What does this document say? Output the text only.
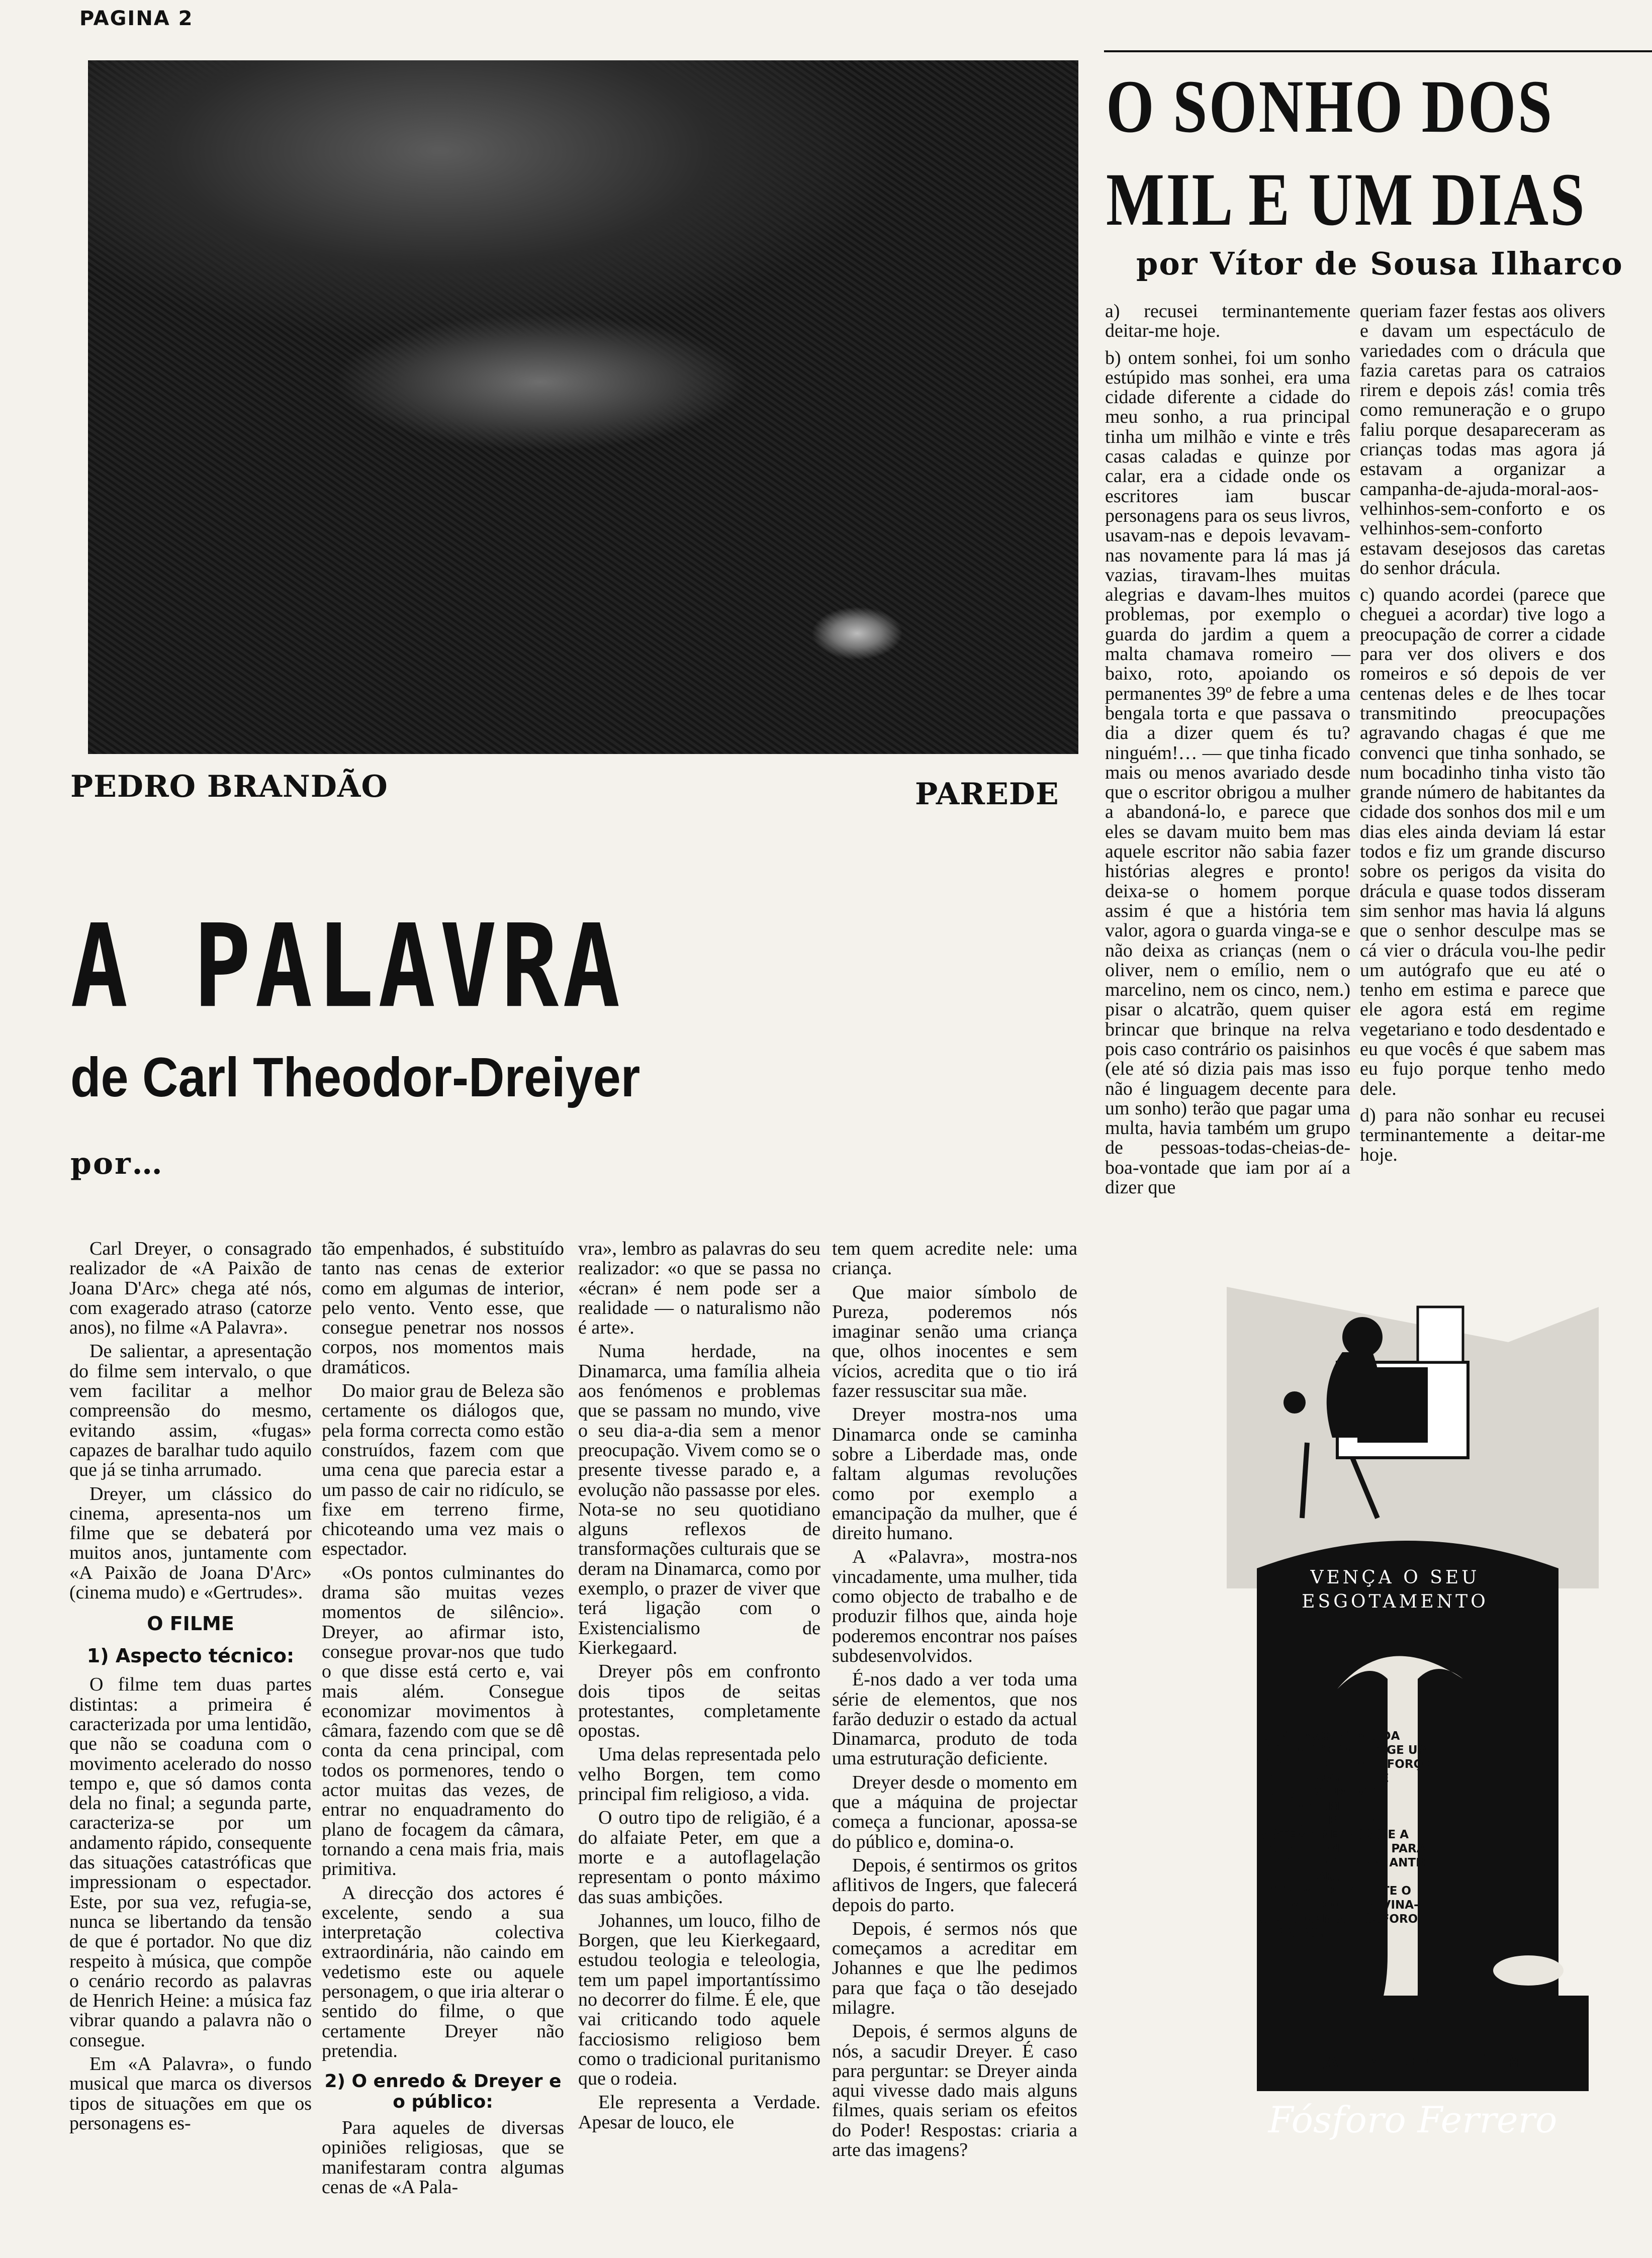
PAGINA 2
PEDRO BRANDÃO	PAREDE
A PALAVRA
de Carl Theodor-Dreiyer
por…

Carl Dreyer, o consagrado realizador de «A Paixão de Joana D'Arc» chega até nós, com exagerado atraso (catorze anos), no filme «A Palavra».

De salientar, a apresentação do filme sem intervalo, o que vem facilitar a melhor compreensão do mesmo, evitando assim, «fugas» capazes de baralhar tudo aquilo que já se tinha arrumado.

Dreyer, um clássico do cinema, apresenta-nos um filme que se debaterá por muitos anos, juntamente com «A Paixão de Joana D'Arc» (cinema mudo) e «Gertrudes».

O FILME
1) Aspecto técnico:

O filme tem duas partes distintas: a primeira é caracterizada por uma lentidão, que não se coaduna com o movimento acelerado do nosso tempo e, que só damos conta dela no final; a segunda parte, caracteriza-se por um andamento rápido, consequente das situações catastróficas que impressionam o espectador. Este, por sua vez, refugia-se, nunca se libertando da tensão de que é portador. No que diz respeito à música, que compõe o cenário recordo as palavras de Henrich Heine: a música faz vibrar quando a palavra não o consegue.

Em «A Palavra», o fundo musical que marca os diversos tipos de situações em que os personagens es-

tão empenhados, é substituído tanto nas cenas de exterior como em algumas de interior, pelo vento. Vento esse, que consegue penetrar nos nossos corpos, nos momentos mais dramáticos.

Do maior grau de Beleza são certamente os diálogos que, pela forma correcta como estão construídos, fazem com que uma cena que parecia estar a um passo de cair no ridículo, se fixe em terreno firme, chicoteando uma vez mais o espectador.

«Os pontos culminantes do drama são muitas vezes momentos de silêncio». Dreyer, ao afirmar isto, consegue provar-nos que tudo o que disse está certo e, vai mais além. Consegue economizar movimentos à câmara, fazendo com que se dê conta da cena principal, com todos os pormenores, tendo o actor muitas das vezes, de entrar no enquadramento do plano de focagem da câmara, tornando a cena mais fria, mais primitiva.

A direcção dos actores é excelente, sendo a sua interpretação colectiva extraordinária, não caindo em vedetismo este ou aquele personagem, o que iria alterar o sentido do filme, o que certamente Dreyer não pretendia.

2) O enredo & Dreyer e o público:

Para aqueles de diversas opiniões religiosas, que se manifestaram contra algumas cenas de «A Pala-

vra», lembro as palavras do seu realizador: «o que se passa no «écran» é nem pode ser a realidade — o naturalismo não é arte».

Numa herdade, na Dinamarca, uma família alheia aos fenómenos e problemas que se passam no mundo, vive o seu dia-a-dia sem a menor preocupação. Vivem como se o presente tivesse parado e, a evolução não passasse por eles. Nota-se no seu quotidiano alguns reflexos de transformações culturais que se deram na Dinamarca, como por exemplo, o prazer de viver que terá ligação com o Existencialismo de Kierkegaard.

Dreyer pôs em confronto dois tipos de seitas protestantes, completamente opostas.

Uma delas representada pelo velho Borgen, tem como principal fim religioso, a vida.

O outro tipo de religião, é a do alfaiate Peter, em que a morte e a autoflagelação representam o ponto máximo das suas ambições.

Johannes, um louco, filho de Borgen, que leu Kierkegaard, estudou teologia e teleologia, tem um papel importantíssimo no decorrer do filme. É ele, que vai criticando todo aquele facciosismo religioso bem como o tradicional puritanismo que o rodeia.

Ele representa a Verdade. Apesar de louco, ele

tem quem acredite nele: uma criança.

Que maior símbolo de Pureza, poderemos nós imaginar senão uma criança que, olhos inocentes e sem vícios, acredita que o tio irá fazer ressuscitar sua mãe.

Dreyer mostra-nos uma Dinamarca onde se caminha sobre a Liberdade mas, onde faltam algumas revoluções como por exemplo a emancipação da mulher, que é direito humano.

A «Palavra», mostra-nos vincadamente, uma mulher, tida como objecto de trabalho e de produzir filhos que, ainda hoje poderemos encontrar nos países subdesenvolvidos.

É-nos dado a ver toda uma série de elementos, que nos farão deduzir o estado da actual Dinamarca, produto de toda uma estruturação deficiente.

Dreyer desde o momento em que a máquina de projectar começa a funcionar, apossa-se do público e, domina-o.

Depois, é sentirmos os gritos aflitivos de Ingers, que falecerá depois do parto.

Depois, é sermos nós que começamos a acreditar em Johannes e que lhe pedimos para que faça o tão desejado milagre.

Depois, é sermos alguns de nós, a sacudir Dreyer. É caso para perguntar: se Dreyer ainda aqui vivesse dado mais alguns filmes, quais seriam os efeitos do Poder! Respostas: criaria a arte das imagens?

O SONHO DOS
MIL E UM DIAS
por Vítor de Sousa Ilharco

a) recusei terminantemente deitar-me hoje.

b) ontem sonhei, foi um sonho estúpido mas sonhei, era uma cidade diferente a cidade do meu sonho, a rua principal tinha um milhão e vinte e três casas caladas e quinze por calar, era a cidade onde os escritores iam buscar personagens para os seus livros, usavam-nas e depois levavam-nas novamente para lá mas já vazias, tiravam-lhes muitas alegrias e davam-lhes muitos problemas, por exemplo o guarda do jardim a quem a malta chamava romeiro — baixo, roto, apoiando os permanentes 39º de febre a uma bengala torta e que passava o dia a dizer quem és tu? ninguém!… — que tinha ficado mais ou menos avariado desde que o escritor obrigou a mulher a abandoná-lo, e parece que eles se davam muito bem mas aquele escritor não sabia fazer histórias alegres e pronto! deixa-se o homem porque assim é que a história tem valor, agora o guarda vinga-se e não deixa as crianças (nem o oliver, nem o emílio, nem o marcelino, nem os cinco, nem.) pisar o alcatrão, quem quiser brincar que brinque na relva pois caso contrário os paisinhos (ele até só dizia pais mas isso não é linguagem decente para um sonho) terão que pagar uma multa, havia também um grupo de pessoas-todas-cheias-de-boa-vontade que iam por aí a dizer que

queriam fazer festas aos olivers e davam um espectáculo de variedades com o drácula que fazia caretas para os catraios rirem e depois zás! comia três como remuneração e o grupo faliu porque desapareceram as crianças todas mas agora já estavam a organizar a campanha-de-ajuda-moral-aos-velhinhos-sem-conforto e os velhinhos-sem-conforto estavam desejosos das caretas do senhor drácula.

c) quando acordei (parece que cheguei a acordar) tive logo a preocupação de correr a cidade para ver dos olivers e dos romeiros e só depois de ver centenas deles e de lhes tocar transmitindo preocupações agravando chagas é que me convenci que tinha sonhado, se num bocadinho tinha visto tão grande número de habitantes da cidade dos sonhos dos mil e um dias eles ainda deviam lá estar todos e fiz um grande discurso sobre os perigos da visita do drácula e quase todos disseram sim senhor mas havia lá alguns que o senhor desculpe mas se cá vier o drácula vou-lhe pedir um autógrafo que eu até o tenho em estima e parece que ele agora está em regime vegetariano e todo desdentado e eu que vocês é que sabem mas eu fujo porque tenho medo dele.

d) para não sonhar eu recusei terminantemente a deitar-me hoje.

VENÇA O SEU ESGOTAMENTO
O INTENSO RITMO DA VIDA MODERNA EXIGE UM TRABALHO E UM ESFORÇO EXCESSIVOS, O QUE FREQUENTEMENTE ORIGINA UM DESEQUILÍBRIO DO SISTEMA NERVOSO E A FALTA DE ENERGIAS PARA A LUTA COTIDIANA. ANTES DE CHEGAR A TAL EXTREMO, CONSULTE O SEU MÉDICO E PREVINA-SE, TOMANDO FÓSFORO FERRERO.
EXIJA SEMPRE O LEGÍTIMO
Fósforo Ferrero
